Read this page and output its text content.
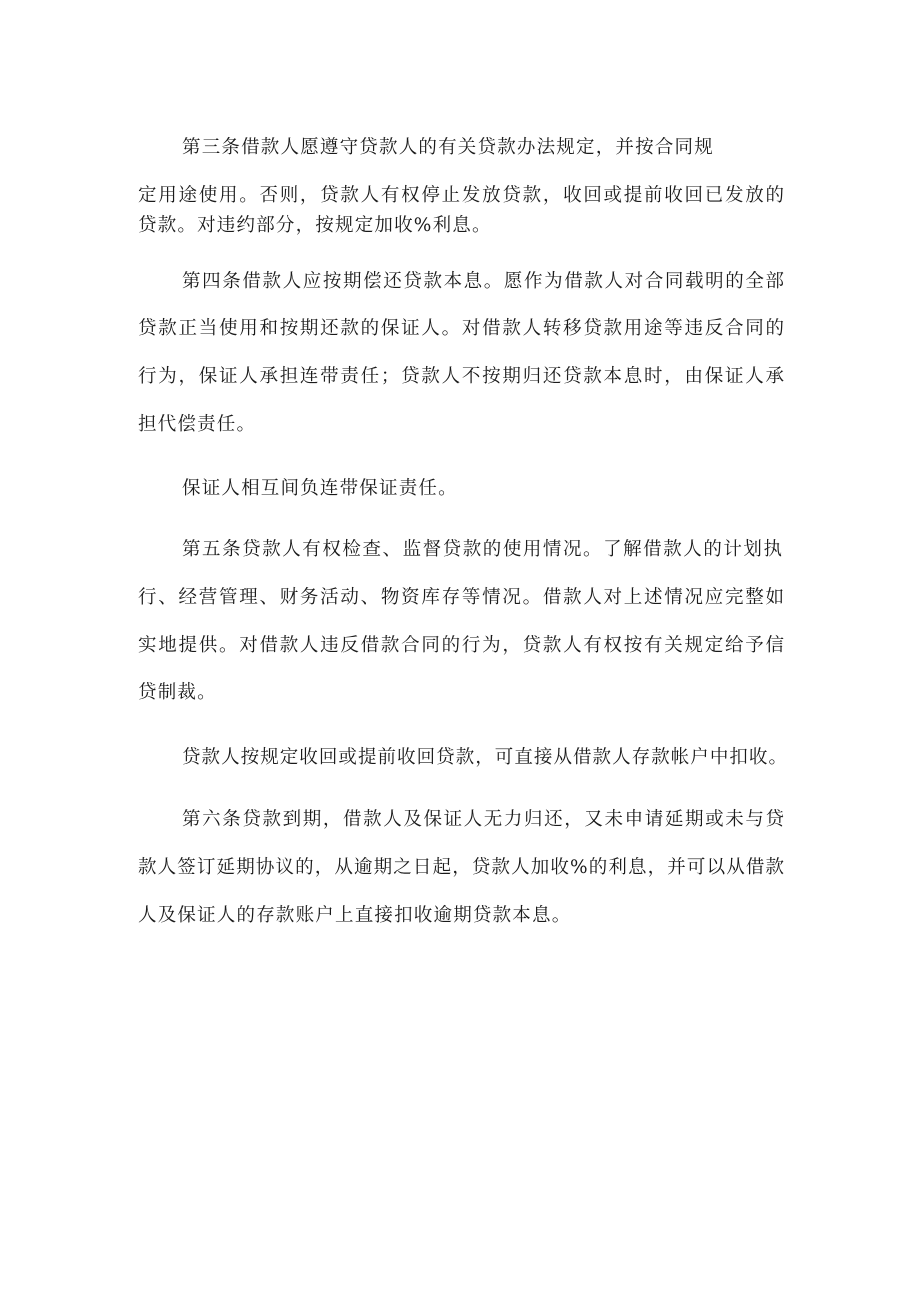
第三条借款人愿遵守贷款人的有关贷款办法规定，并按合同规
定用途使用。否则，贷款人有权停止发放贷款，收回或提前收回已发放的
贷款。对违约部分，按规定加收%利息。
第四条借款人应按期偿还贷款本息。愿作为借款人对合同载明的全部
贷款正当使用和按期还款的保证人。对借款人转移贷款用途等违反合同的
行为，保证人承担连带责任；贷款人不按期归还贷款本息时，由保证人承
担代偿责任。
保证人相互间负连带保证责任。
第五条贷款人有权检查、监督贷款的使用情况。了解借款人的计划执
行、经营管理、财务活动、物资库存等情况。借款人对上述情况应完整如
实地提供。对借款人违反借款合同的行为，贷款人有权按有关规定给予信
贷制裁。
贷款人按规定收回或提前收回贷款，可直接从借款人存款帐户中扣收。
第六条贷款到期，借款人及保证人无力归还，又未申请延期或未与贷
款人签订延期协议的，从逾期之日起，贷款人加收%的利息，并可以从借款
人及保证人的存款账户上直接扣收逾期贷款本息。
